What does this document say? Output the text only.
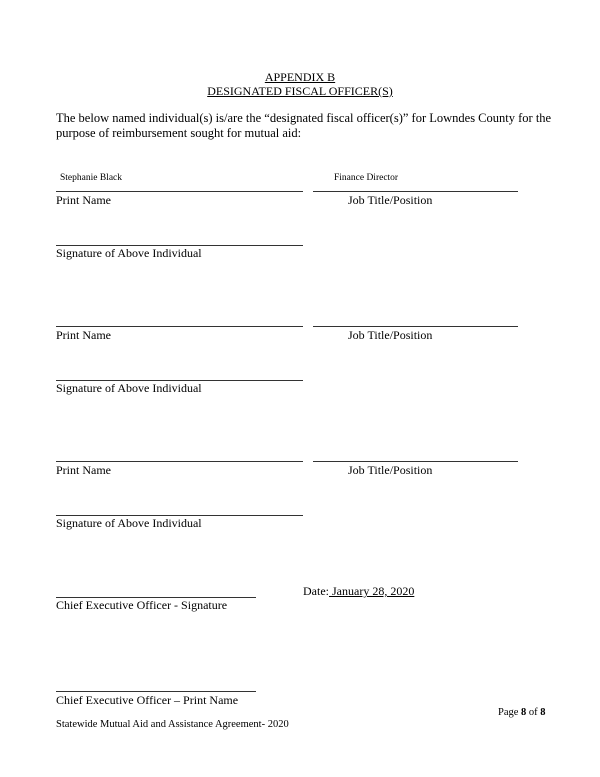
APPENDIX B
DESIGNATED FISCAL OFFICER(S)
The below named individual(s) is/are the “designated fiscal officer(s)” for Lowndes County for the
purpose of reimbursement sought for mutual aid:
Stephanie Black	Finance Director
Print Name	Job Title/Position
Signature of Above Individual
Print Name	Job Title/Position
Signature of Above Individual
Print Name	Job Title/Position
Signature of Above Individual
Date: January 28, 2020
Chief Executive Officer - Signature
Chief Executive Officer – Print Name
Page 8 of 8
Statewide Mutual Aid and Assistance Agreement- 2020
